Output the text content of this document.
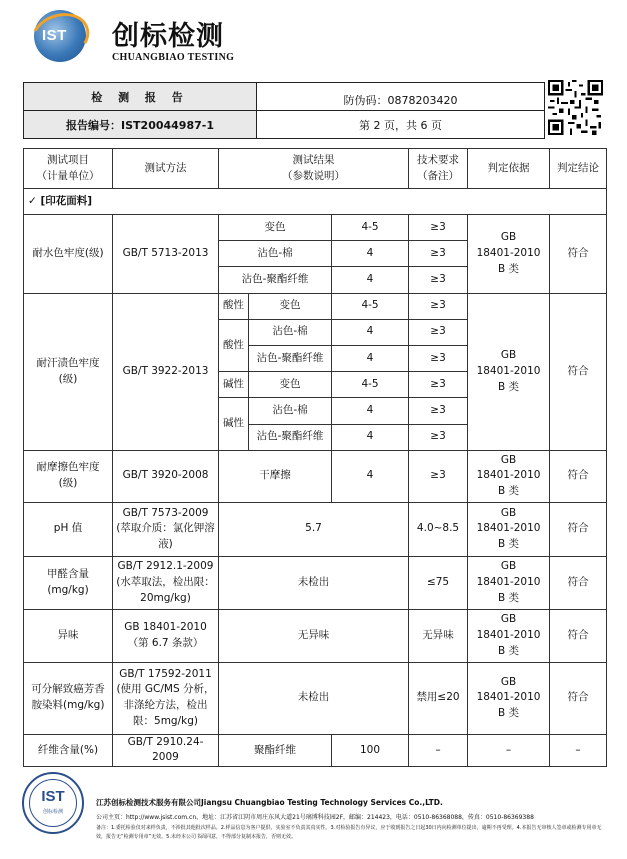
IST 创标检测
CHUANGBIAO TESTING
检 测 报 告	防伪码：0878203420
报告编号：IST20044987-1	第 2 页，共 6 页
测试项目
（计量单位）	测试方法	测试结果
（参数说明）			技术要求
（备注）	判定依据	判定结论
✓ [印花面料]							
耐水色牢度(级)	GB/T 5713-2013	变色		4-5	≥3	GB
18401-2010
B 类	符合
		沾色-棉		4	≥3		
		沾色-聚酯纤维		4	≥3		
耐汗渍色牢度
(级)	GB/T 3922-2013	酸性	变色	4-5	≥3	GB
18401-2010
B 类	符合
		酸性	沾色-棉	4	≥3		
			沾色-聚酯纤维	4	≥3		
		碱性	变色	4-5	≥3		
		碱性	沾色-棉	4	≥3		
			沾色-聚酯纤维	4	≥3		
耐摩擦色牢度
(级)	GB/T 3920-2008	干摩擦		4	≥3	GB
18401-2010
B 类	符合
pH 值	GB/T 7573-2009
(萃取介质：氯化钾溶
液)	5.7			4.0~8.5	GB
18401-2010
B 类	符合
甲醛含量
(mg/kg)	GB/T 2912.1-2009
(水萃取法，检出限：
20mg/kg)	未检出			≤75	GB
18401-2010
B 类	符合
异味	GB 18401-2010
（第 6.7 条款）	无异味			无异味	GB
18401-2010
B 类	符合
可分解致癌芳香
胺染料(mg/kg)	GB/T 17592-2011
(使用 GC/MS 分析，
非涤纶方法，检出
限：5mg/kg)	未检出			禁用≤20	GB
18401-2010
B 类	符合
纤维含量(%)	GB/T 2910.24-2009	聚酯纤维		100	–	–	–
IST
创标检测
江苏创标检测技术服务有限公司Jiangsu Chuangbiao Testing Technology Services Co.,LTD.
公司主页：http://www.jsist.com.cn，地址：江苏省江阴市周庄东风大道21号璃博科技园2F，邮编：214423，电话：0510-86368088，传真：0510-86369388
备注：1.委托检验仅对来样负责，不涉批其他批次样品。2.样品信息为客户提供，实验室不负责其真实性。3.对检验报告有异议，应于收到报告之日起30日内向检测单位提出，逾期不再受理。4.本报告无审核人签章或检测专用章无效，报告无“检测专用章”无效。5.未经本公司书面同意，不得部分复制本报告，否则无效。
